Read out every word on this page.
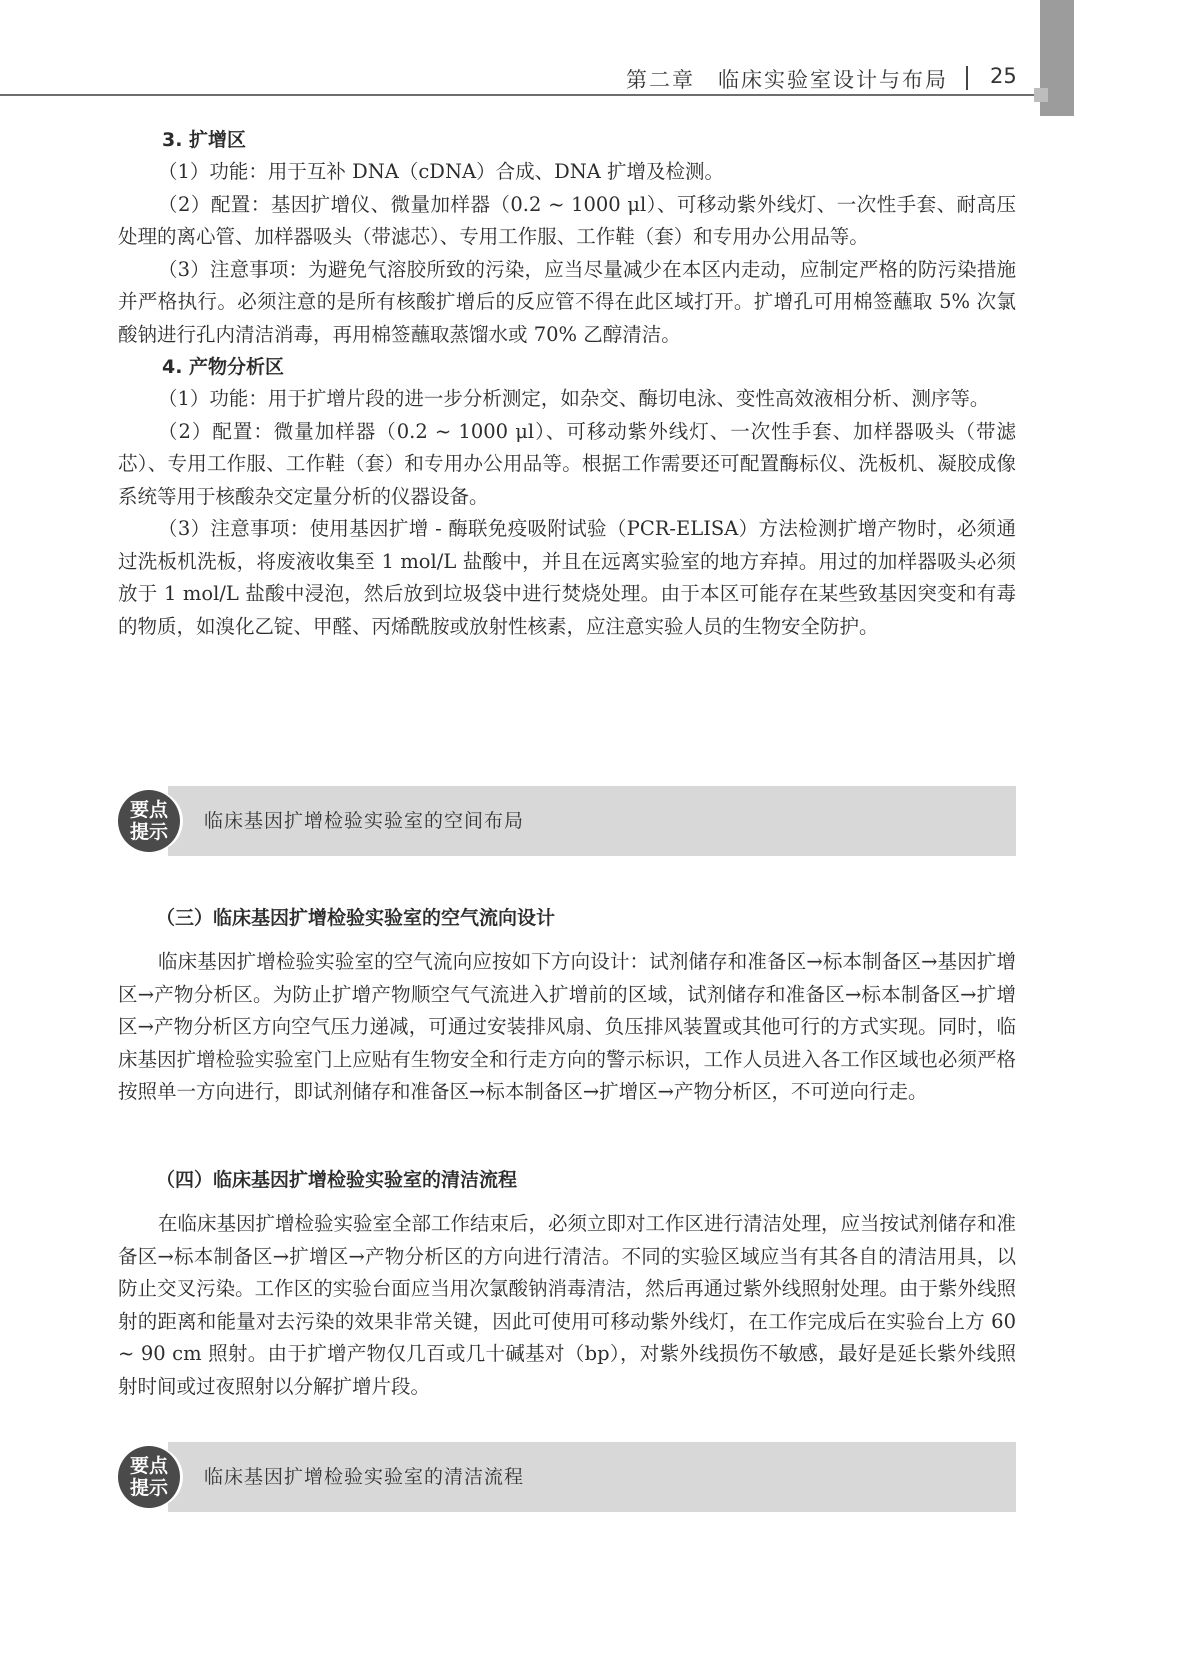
第二章　临床实验室设计与布局 25
3. 扩增区

（1）功能：用于互补 DNA（cDNA）合成、DNA 扩增及检测。

（2）配置：基因扩增仪、微量加样器（0.2 ~ 1000 μl）、可移动紫外线灯、一次性手套、耐高压处理的离心管、加样器吸头（带滤芯）、专用工作服、工作鞋（套）和专用办公用品等。

（3）注意事项：为避免气溶胶所致的污染，应当尽量减少在本区内走动，应制定严格的防污染措施并严格执行。必须注意的是所有核酸扩增后的反应管不得在此区域打开。扩增孔可用棉签蘸取 5% 次氯酸钠进行孔内清洁消毒，再用棉签蘸取蒸馏水或 70% 乙醇清洁。

4. 产物分析区

（1）功能：用于扩增片段的进一步分析测定，如杂交、酶切电泳、变性高效液相分析、测序等。

（2）配置：微量加样器（0.2 ~ 1000 μl）、可移动紫外线灯、一次性手套、加样器吸头（带滤芯）、专用工作服、工作鞋（套）和专用办公用品等。根据工作需要还可配置酶标仪、洗板机、凝胶成像系统等用于核酸杂交定量分析的仪器设备。

（3）注意事项：使用基因扩增 - 酶联免疫吸附试验（PCR-ELISA）方法检测扩增产物时，必须通过洗板机洗板，将废液收集至 1 mol/L 盐酸中，并且在远离实验室的地方弃掉。用过的加样器吸头必须放于 1 mol/L 盐酸中浸泡，然后放到垃圾袋中进行焚烧处理。由于本区可能存在某些致基因突变和有毒的物质，如溴化乙锭、甲醛、丙烯酰胺或放射性核素，应注意实验人员的生物安全防护。

要点
提示 临床基因扩增检验实验室的空间布局
（三）临床基因扩增检验实验室的空气流向设计

临床基因扩增检验实验室的空气流向应按如下方向设计：试剂储存和准备区→标本制备区→基因扩增区→产物分析区。为防止扩增产物顺空气气流进入扩增前的区域，试剂储存和准备区→标本制备区→扩增区→产物分析区方向空气压力递减，可通过安装排风扇、负压排风装置或其他可行的方式实现。同时，临床基因扩增检验实验室门上应贴有生物安全和行走方向的警示标识，工作人员进入各工作区域也必须严格按照单一方向进行，即试剂储存和准备区→标本制备区→扩增区→产物分析区，不可逆向行走。

（四）临床基因扩增检验实验室的清洁流程

在临床基因扩增检验实验室全部工作结束后，必须立即对工作区进行清洁处理，应当按试剂储存和准备区→标本制备区→扩增区→产物分析区的方向进行清洁。不同的实验区域应当有其各自的清洁用具，以防止交叉污染。工作区的实验台面应当用次氯酸钠消毒清洁，然后再通过紫外线照射处理。由于紫外线照射的距离和能量对去污染的效果非常关键，因此可使用可移动紫外线灯，在工作完成后在实验台上方 60 ~ 90 cm 照射。由于扩增产物仅几百或几十碱基对（bp），对紫外线损伤不敏感，最好是延长紫外线照射时间或过夜照射以分解扩增片段。

要点
提示 临床基因扩增检验实验室的清洁流程
